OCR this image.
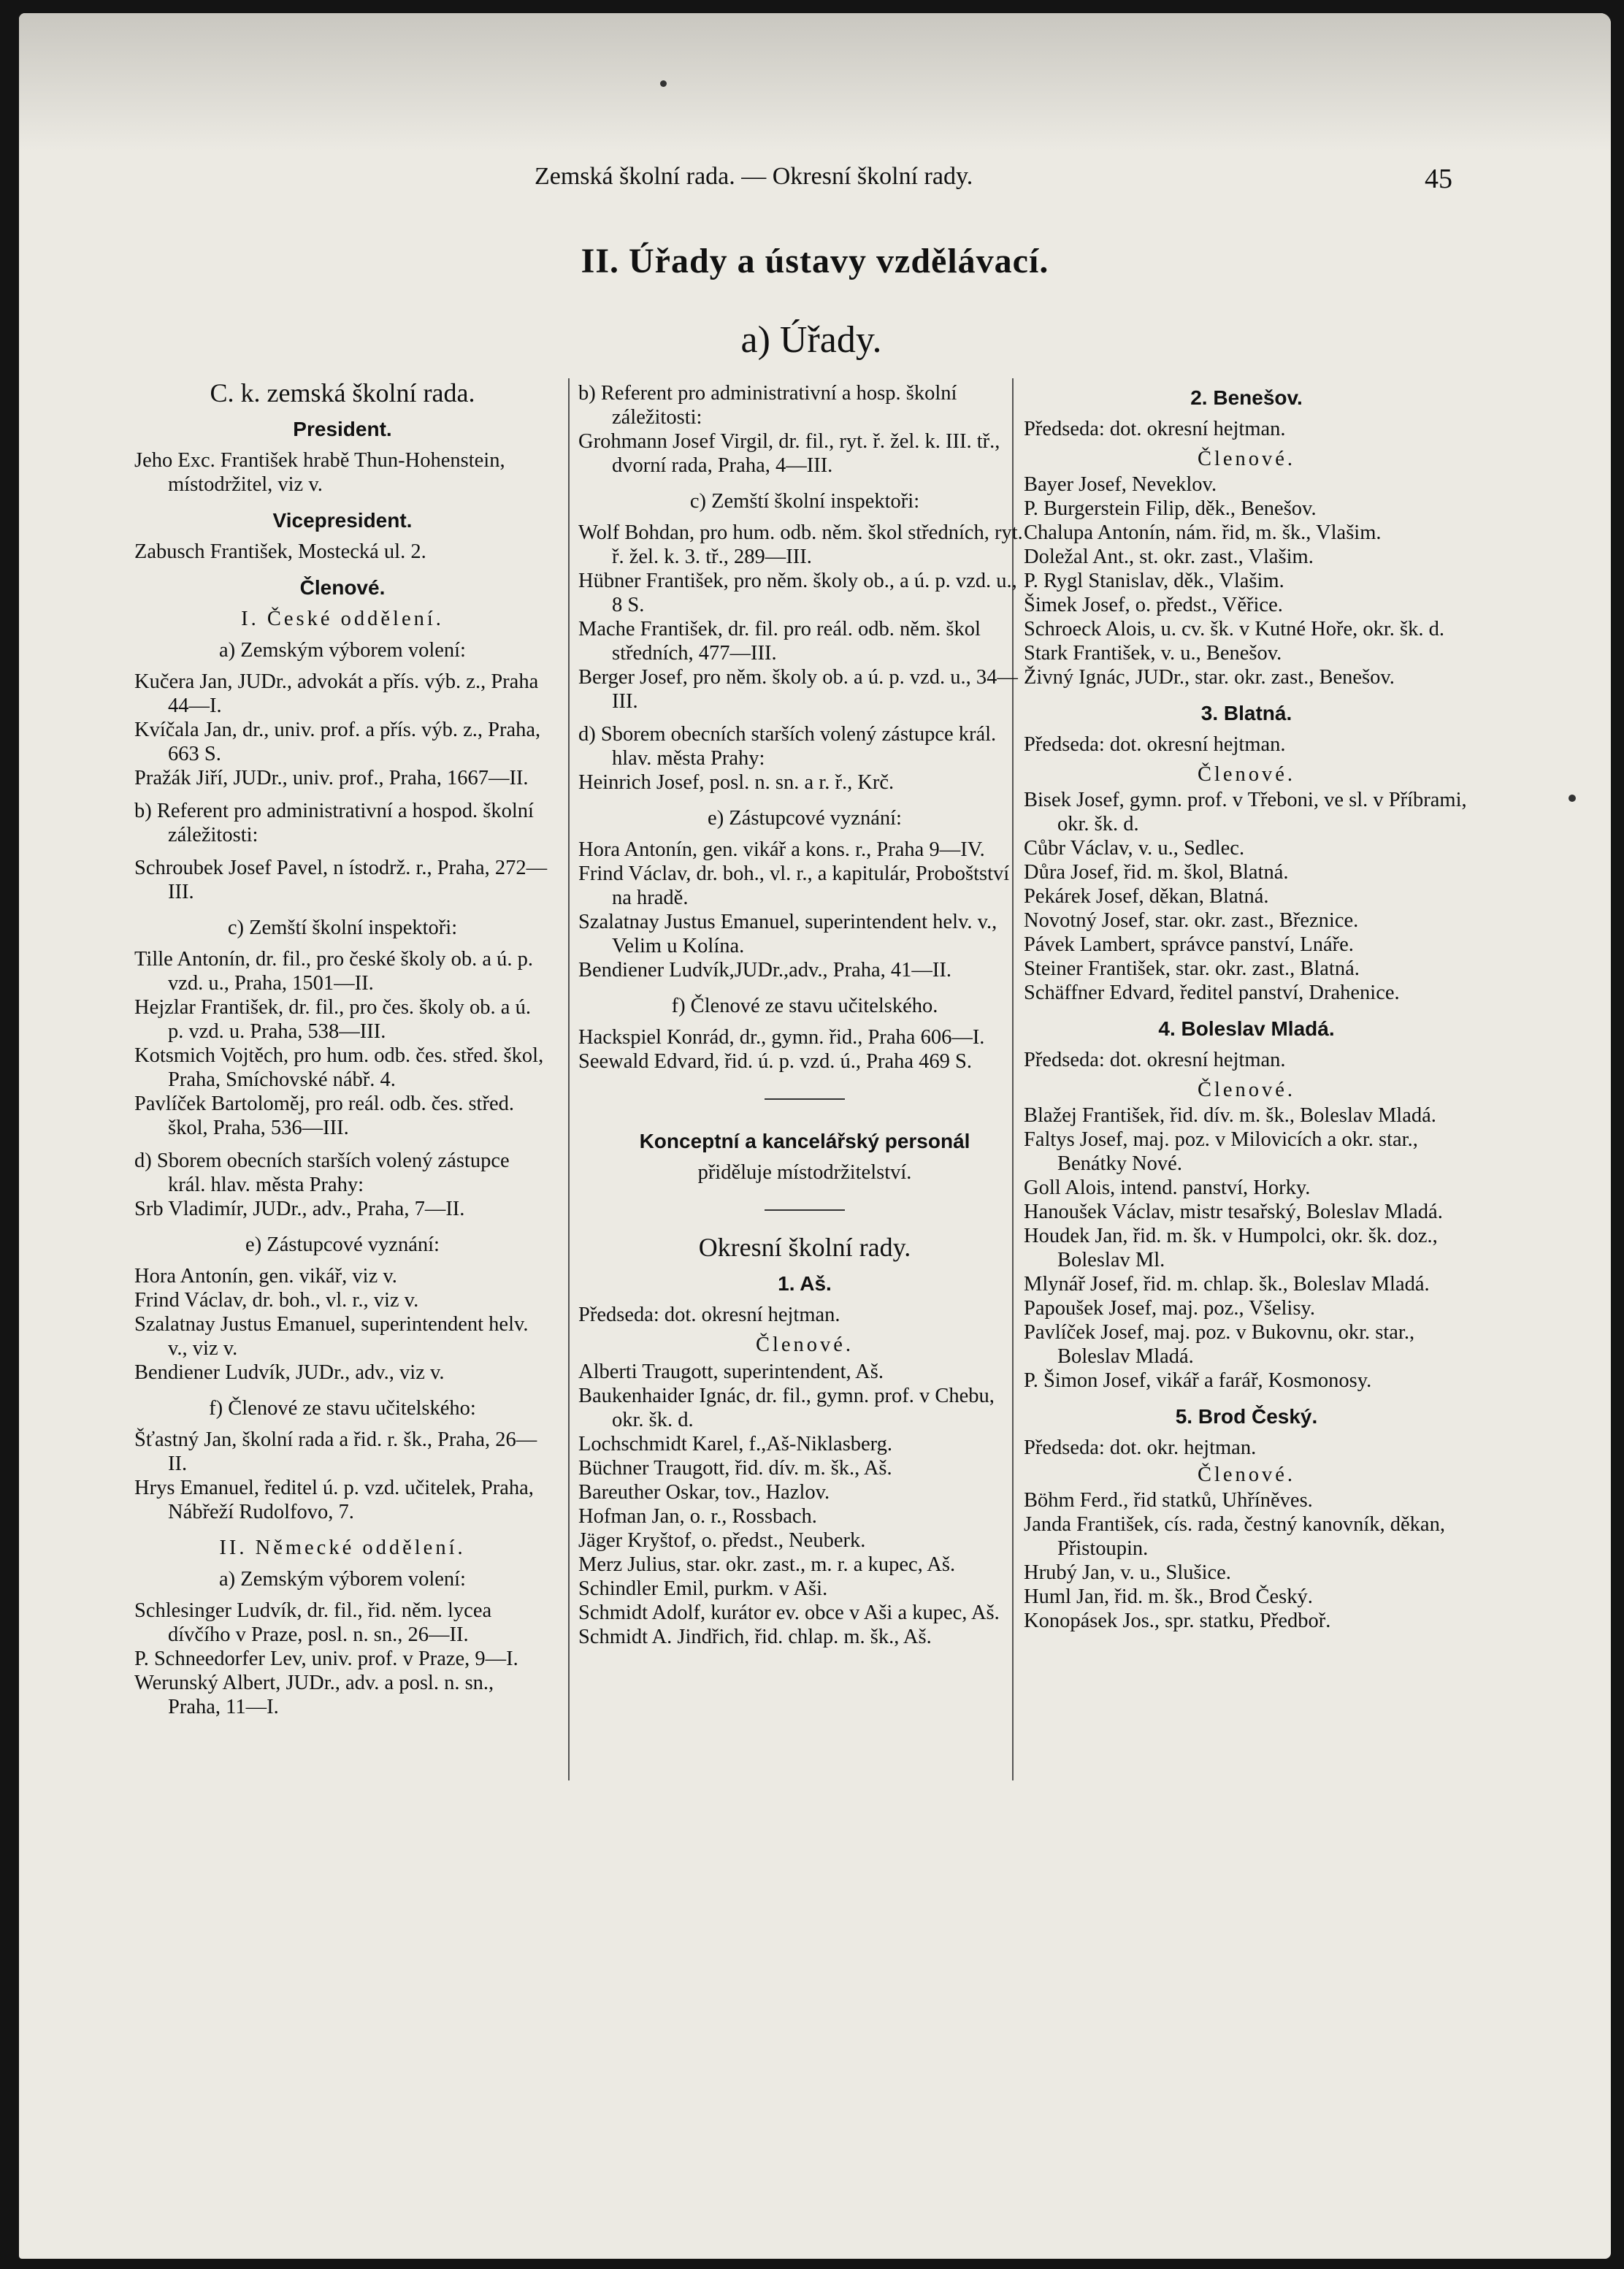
Zemská školní rada. — Okresní školní rady.	45
II. Úřady a ústavy vzdělávací.
a) Úřady.
C. k. zemská školní rada.
President.

Jeho Exc. František hrabě Thun-Hohenstein, místodržitel, viz v.

Vicepresident.

Zabusch František, Mostecká ul. 2.

Členové.
I. České oddělení.
a) Zemským výborem volení:

Kučera Jan, JUDr., advokát a přís. výb. z., Praha 44—I.

Kvíčala Jan, dr., univ. prof. a přís. výb. z., Praha, 663 S.

Pražák Jiří, JUDr., univ. prof., Praha, 1667—II.

b) Referent pro administrativní a hospod. školní záležitosti:

Schroubek Josef Pavel, n ístodrž. r., Praha, 272—III.

c) Zemští školní inspektoři:

Tille Antonín, dr. fil., pro české školy ob. a ú. p. vzd. u., Praha, 1501—II.

Hejzlar František, dr. fil., pro čes. školy ob. a ú. p. vzd. u. Praha, 538—III.

Kotsmich Vojtěch, pro hum. odb. čes. střed. škol, Praha, Smíchovské nábř. 4.

Pavlíček Bartoloměj, pro reál. odb. čes. střed. škol, Praha, 536—III.

d) Sborem obecních starších volený zástupce král. hlav. města Prahy:

Srb Vladimír, JUDr., adv., Praha, 7—II.

e) Zástupcové vyznání:

Hora Antonín, gen. vikář, viz v.

Frind Václav, dr. boh., vl. r., viz v.

Szalatnay Justus Emanuel, superintendent helv. v., viz v.

Bendiener Ludvík, JUDr., adv., viz v.

f) Členové ze stavu učitelského:

Šťastný Jan, školní rada a řid. r. šk., Praha, 26—II.

Hrys Emanuel, ředitel ú. p. vzd. učitelek, Praha, Nábřeží Rudolfovo, 7.

II. Německé oddělení.
a) Zemským výborem volení:

Schlesinger Ludvík, dr. fil., řid. něm. lycea dívčího v Praze, posl. n. sn., 26—II.

P. Schneedorfer Lev, univ. prof. v Praze, 9—I.

Werunský Albert, JUDr., adv. a posl. n. sn., Praha, 11—I.

b) Referent pro administrativní a hosp. školní záležitosti:

Grohmann Josef Virgil, dr. fil., ryt. ř. žel. k. III. tř., dvorní rada, Praha, 4—III.

c) Zemští školní inspektoři:

Wolf Bohdan, pro hum. odb. něm. škol středních, ryt. ř. žel. k. 3. tř., 289—III.

Hübner František, pro něm. školy ob., a ú. p. vzd. u., 8 S.

Mache František, dr. fil. pro reál. odb. něm. škol středních, 477—III.

Berger Josef, pro něm. školy ob. a ú. p. vzd. u., 34—III.

d) Sborem obecních starších volený zástupce král. hlav. města Prahy:

Heinrich Josef, posl. n. sn. a r. ř., Krč.

e) Zástupcové vyznání:

Hora Antonín, gen. vikář a kons. r., Praha 9—IV.

Frind Václav, dr. boh., vl. r., a kapitulár, Proboštství na hradě.

Szalatnay Justus Emanuel, superintendent helv. v., Velim u Kolína.

Bendiener Ludvík,JUDr.,adv., Praha, 41—II.

f) Členové ze stavu učitelského.

Hackspiel Konrád, dr., gymn. řid., Praha 606—I.

Seewald Edvard, řid. ú. p. vzd. ú., Praha 469 S.

Konceptní a kancelářský personál
přiděluje místodržitelství.
Okresní školní rady.
1. Aš.

Předseda: dot. okresní hejtman.

Členové.

Alberti Traugott, superintendent, Aš.

Baukenhaider Ignác, dr. fil., gymn. prof. v Chebu, okr. šk. d.

Lochschmidt Karel, f.,Aš-Niklasberg.

Büchner Traugott, řid. dív. m. šk., Aš.

Bareuther Oskar, tov., Hazlov.

Hofman Jan, o. r., Rossbach.

Jäger Kryštof, o. předst., Neuberk.

Merz Julius, star. okr. zast., m. r. a kupec, Aš.

Schindler Emil, purkm. v Aši.

Schmidt Adolf, kurátor ev. obce v Aši a kupec, Aš.

Schmidt A. Jindřich, řid. chlap. m. šk., Aš.

2. Benešov.

Předseda: dot. okresní hejtman.

Členové.

Bayer Josef, Neveklov.

P. Burgerstein Filip, děk., Benešov.

Chalupa Antonín, nám. řid, m. šk., Vlašim.

Doležal Ant., st. okr. zast., Vlašim.

P. Rygl Stanislav, děk., Vlašim.

Šimek Josef, o. předst., Věřice.

Schroeck Alois, u. cv. šk. v Kutné Hoře, okr. šk. d.

Stark František, v. u., Benešov.

Živný Ignác, JUDr., star. okr. zast., Benešov.

3. Blatná.

Předseda: dot. okresní hejtman.

Členové.

Bisek Josef, gymn. prof. v Třeboni, ve sl. v Příbrami, okr. šk. d.

Cůbr Václav, v. u., Sedlec.

Důra Josef, řid. m. škol, Blatná.

Pekárek Josef, děkan, Blatná.

Novotný Josef, star. okr. zast., Březnice.

Pávek Lambert, správce panství, Lnáře.

Steiner František, star. okr. zast., Blatná.

Schäffner Edvard, ředitel panství, Drahenice.

4. Boleslav Mladá.

Předseda: dot. okresní hejtman.

Členové.

Blažej František, řid. dív. m. šk., Boleslav Mladá.

Faltys Josef, maj. poz. v Milovicích a okr. star., Benátky Nové.

Goll Alois, intend. panství, Horky.

Hanoušek Václav, mistr tesařský, Boleslav Mladá.

Houdek Jan, řid. m. šk. v Humpolci, okr. šk. doz., Boleslav Ml.

Mlynář Josef, řid. m. chlap. šk., Boleslav Mladá.

Papoušek Josef, maj. poz., Všelisy.

Pavlíček Josef, maj. poz. v Bukovnu, okr. star., Boleslav Mladá.

P. Šimon Josef, vikář a farář, Kosmonosy.

5. Brod Český.

Předseda: dot. okr. hejtman.

Členové.

Böhm Ferd., řid statků, Uhříněves.

Janda František, cís. rada, čestný kanovník, děkan, Přistoupin.

Hrubý Jan, v. u., Slušice.

Huml Jan, řid. m. šk., Brod Český.

Konopásek Jos., spr. statku, Předboř.
